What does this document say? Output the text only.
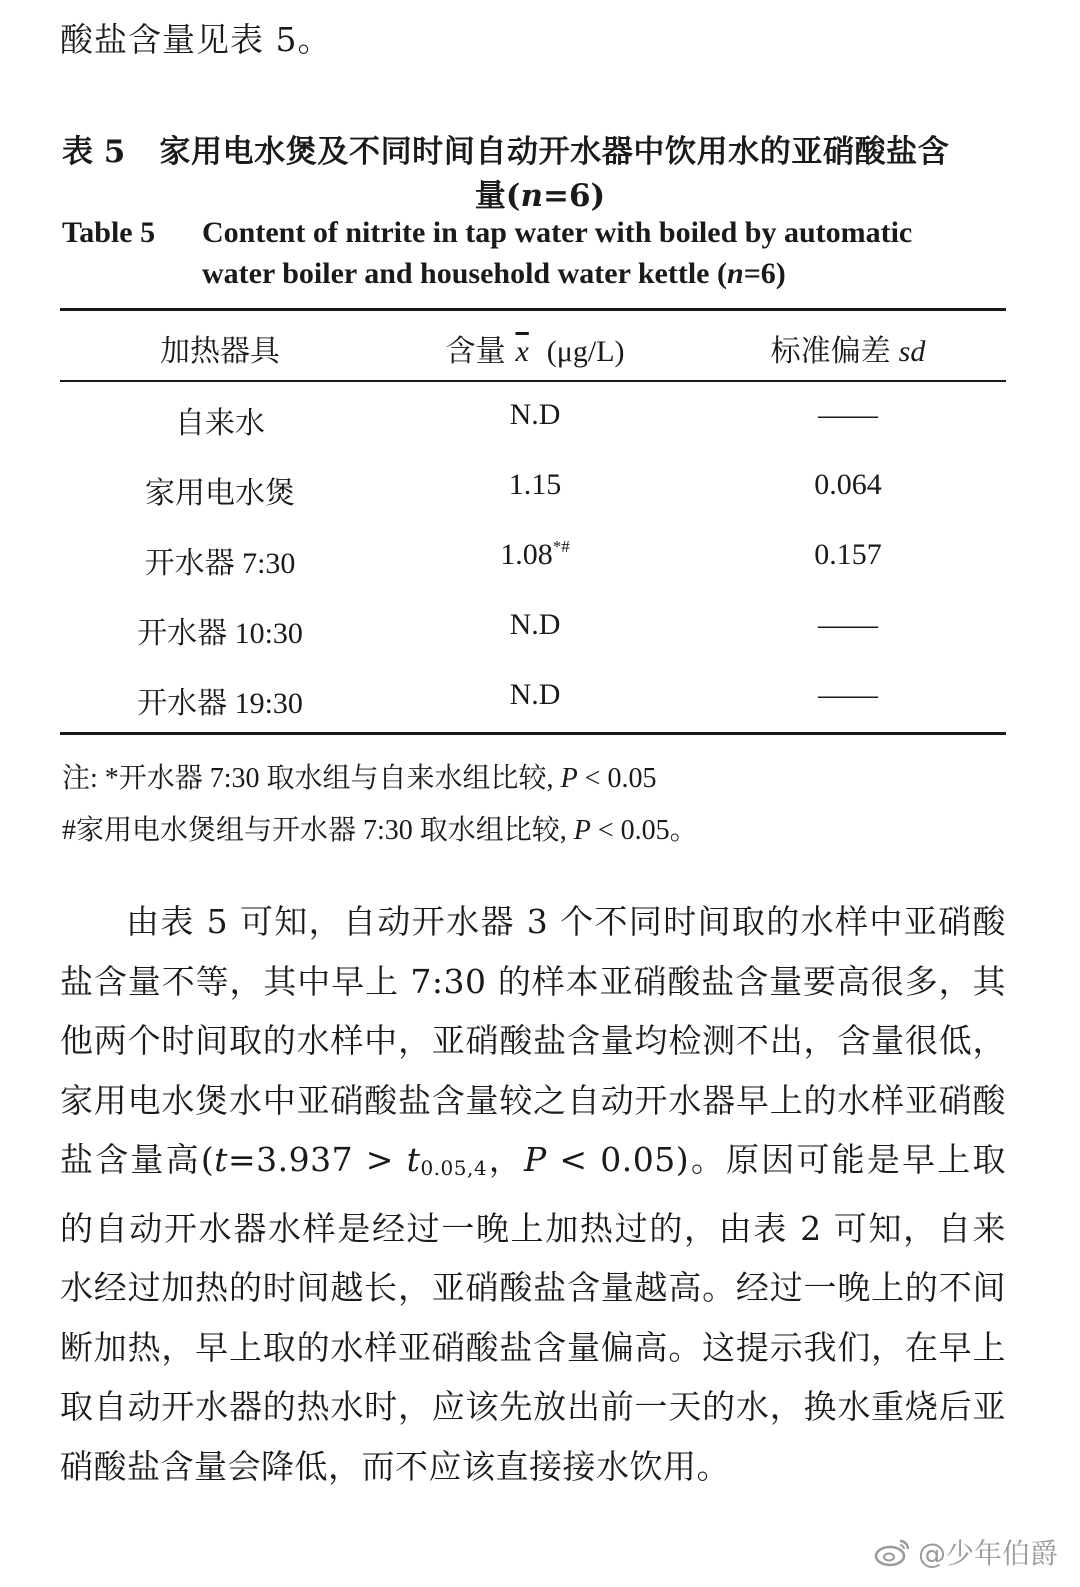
酸盐含量见表 5。
表 5 家用电水煲及不同时间自动开水器中饮用水的亚硝酸盐含
量(n=6)
Table 5	Content of nitrite in tap water with boiled by automatic
water boiler and household water kettle (n=6)
加热器具	含量 $\overline{x}$ (μg/L)	标准偏差 sd
自来水	N.D	——
家用电水煲	1.15	0.064
开水器 7:30	1.08*#	0.157
开水器 10:30	N.D	——
开水器 19:30	N.D	——
注: *开水器 7:30 取水组与自来水组比较, P < 0.05
#家用电水煲组与开水器 7:30 取水组比较, P < 0.05。

由表 5 可知，自动开水器 3 个不同时间取的水样中亚硝酸盐含量不等，其中早上 7:30 的样本亚硝酸盐含量要高很多，其他两个时间取的水样中，亚硝酸盐含量均检测不出，含量很低，家用电水煲水中亚硝酸盐含量较之自动开水器早上的水样亚硝酸盐含量高($t=3.937 > t_{0.05,4}$，P < 0.05)。原因可能是早上取的自动开水器水样是经过一晚上加热过的，由表 2 可知，自来水经过加热的时间越长，亚硝酸盐含量越高。经过一晚上的不间断加热，早上取的水样亚硝酸盐含量偏高。这提示我们，在早上取自动开水器的热水时，应该先放出前一天的水，换水重烧后亚硝酸盐含量会降低，而不应该直接接水饮用。

@少年伯爵
